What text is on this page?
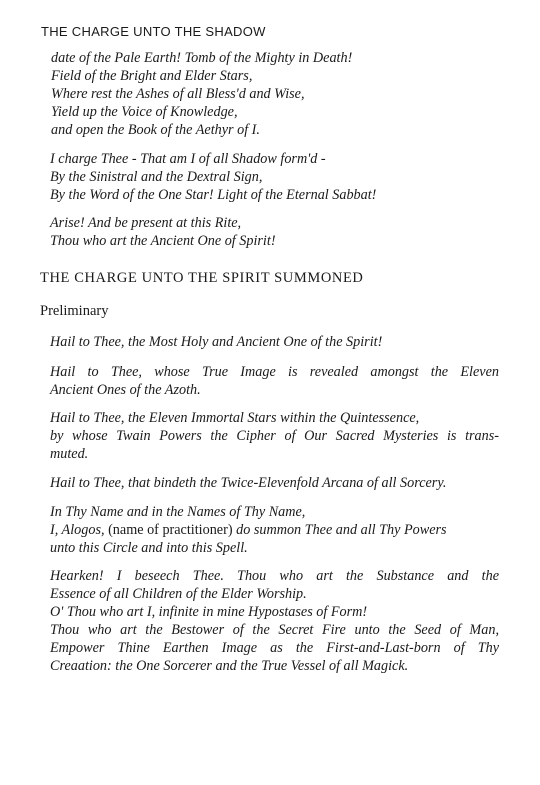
THE CHARGE UNTO THE SHADOW
date of the Pale Earth! Tomb of the Mighty in Death!
Field of the Bright and Elder Stars,
Where rest the Ashes of all Bless'd and Wise,
Yield up the Voice of Knowledge,
and open the Book of the Aethyr of I.
I charge Thee - That am I of all Shadow form'd -
By the Sinistral and the Dextral Sign,
By the Word of the One Star! Light of the Eternal Sabbat!
Arise! And be present at this Rite,
Thou who art the Ancient One of Spirit!
THE CHARGE UNTO THE SPIRIT SUMMONED
Preliminary
Hail to Thee, the Most Holy and Ancient One of the Spirit!
Hail to Thee, whose True Image is revealed amongst the Eleven
Ancient Ones of the Azoth.
Hail to Thee, the Eleven Immortal Stars within the Quintessence,
by whose Twain Powers the Cipher of Our Sacred Mysteries is trans-
muted.
Hail to Thee, that bindeth the Twice-Elevenfold Arcana of all Sorcery.
In Thy Name and in the Names of Thy Name,
I, Alogos, (name of practitioner) do summon Thee and all Thy Powers
unto this Circle and into this Spell.
Hearken! I beseech Thee. Thou who art the Substance and the
Essence of all Children of the Elder Worship.
O' Thou who art I, infinite in mine Hypostases of Form!
Thou who art the Bestower of the Secret Fire unto the Seed of Man,
Empower Thine Earthen Image as the First-and-Last-born of Thy
Creaation: the One Sorcerer and the True Vessel of all Magick.
